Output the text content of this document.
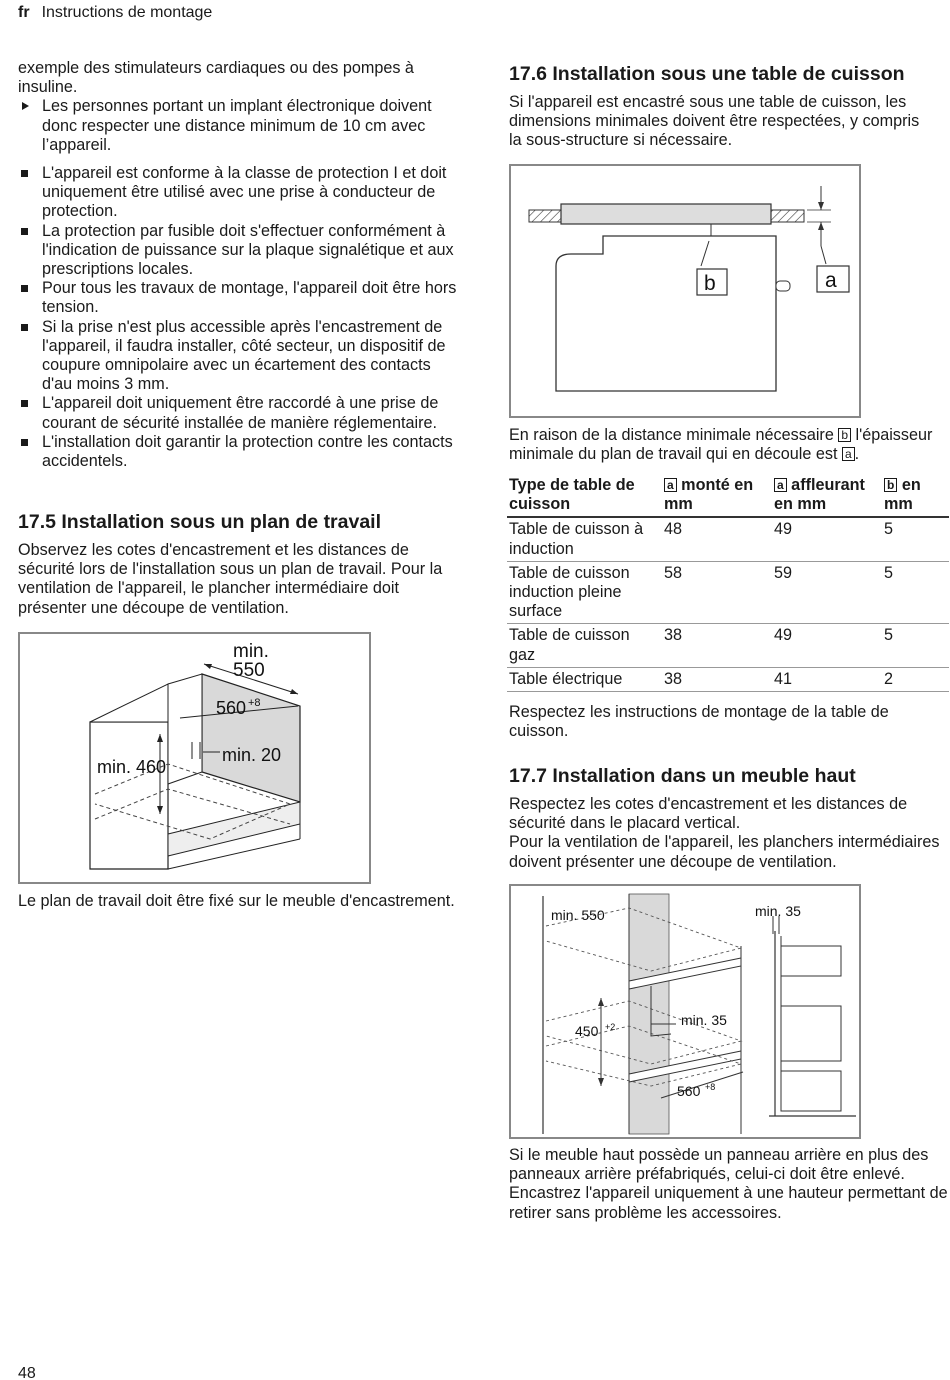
fr Instructions de montage

exemple des stimulateurs cardiaques ou des pompes à insuline.

Les personnes portant un implant électronique doivent donc respecter une distance minimum de 10 cm avec l’appareil.

L'appareil est conforme à la classe de protection I et doit uniquement être utilisé avec une prise à conducteur de protection.

La protection par fusible doit s'effectuer conformément à l'indication de puissance sur la plaque signalétique et aux prescriptions locales.

Pour tous les travaux de montage, l'appareil doit être hors tension.

Si la prise n'est plus accessible après l'encastrement de l'appareil, il faudra installer, côté secteur, un dispositif de coupure omnipolaire avec un écartement des contacts d'au moins 3 mm.

L'appareil doit uniquement être raccordé à une prise de courant de sécurité installée de manière réglementaire.

L'installation doit garantir la protection contre les contacts accidentels.

17.5 Installation sous un plan de travail

Observez les cotes d'encastrement et les distances de sécurité lors de l'installation sous un plan de travail. Pour la ventilation de l'appareil, le plancher intermédiaire doit présenter une découpe de ventilation.

min.
550
560 +8
min. 20
min. 460

Le plan de travail doit être fixé sur le meuble d'encastrement.

17.6 Installation sous une table de cuisson

Si l'appareil est encastré sous une table de cuisson, les dimensions minimales doivent être respectées, y compris la sous-structure si nécessaire.

b	a

En raison de la distance minimale nécessaire b l'épaisseur minimale du plan de travail qui en découle est a .

Type de table de cuisson	a monté en mm	a affleurant en mm	b en mm
Table de cuisson à induction	48	49	5
Table de cuisson induction pleine surface	58	59	5
Table de cuisson gaz	38	49	5
Table électrique	38	41	2

Respectez les instructions de montage de la table de cuisson.

17.7 Installation dans un meuble haut

Respectez les cotes d'encastrement et les distances de sécurité dans le placard vertical.

Pour la ventilation de l'appareil, les planchers intermédiaires doivent présenter une découpe de ventilation.

min. 550	min. 35
450 +2	min. 35
560 +8

Si le meuble haut possède un panneau arrière en plus des panneaux arrière préfabriqués, celui-ci doit être enlevé.

Encastrez l'appareil uniquement à une hauteur permettant de retirer sans problème les accessoires.

48
